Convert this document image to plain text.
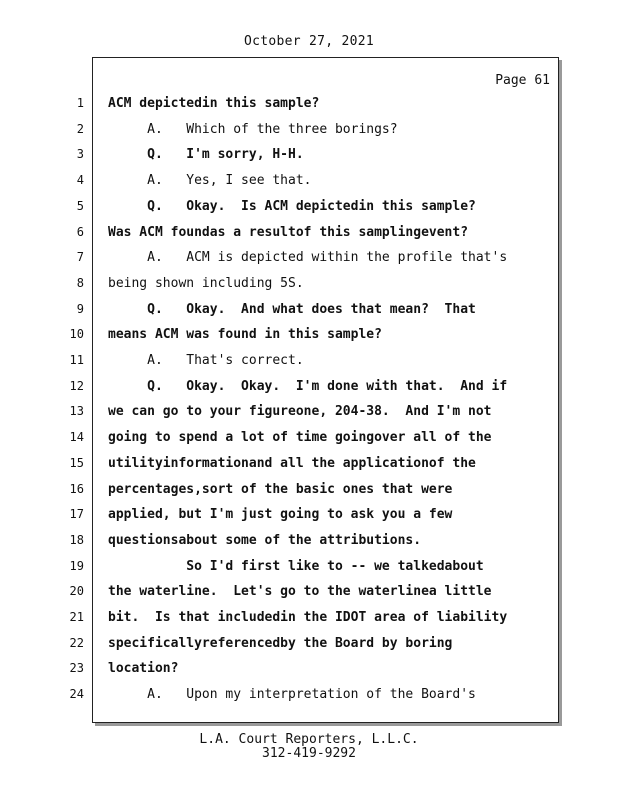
October 27, 2021
Page 61
1 ACM depictedin this sample?
2 A.   Which of the three borings?
3 Q.   I'm sorry, H-H.
4 A.   Yes, I see that.
5 Q.   Okay.  Is ACM depictedin this sample?
6 Was ACM foundas a resultof this samplingevent?
7 A.   ACM is depicted within the profile that's
8 being shown including 5S.
9 Q.   Okay.  And what does that mean?  That
10 means ACM was found in this sample?
11 A.   That's correct.
12 Q.   Okay.  Okay.  I'm done with that.  And if
13 we can go to your figureone, 204-38.  And I'm not
14 going to spend a lot of time goingover all of the
15 utilityinformationand all the applicationof the
16 percentages,sort of the basic ones that were
17 applied, but I'm just going to ask you a few
18 questionsabout some of the attributions.
19 So I'd first like to -- we talkedabout
20 the waterline.  Let's go to the waterlinea little
21 bit.  Is that includedin the IDOT area of liability
22 specificallyreferencedby the Board by boring
23 location?
24 A.   Upon my interpretation of the Board's
L.A. Court Reporters, L.L.C.
312-419-9292
